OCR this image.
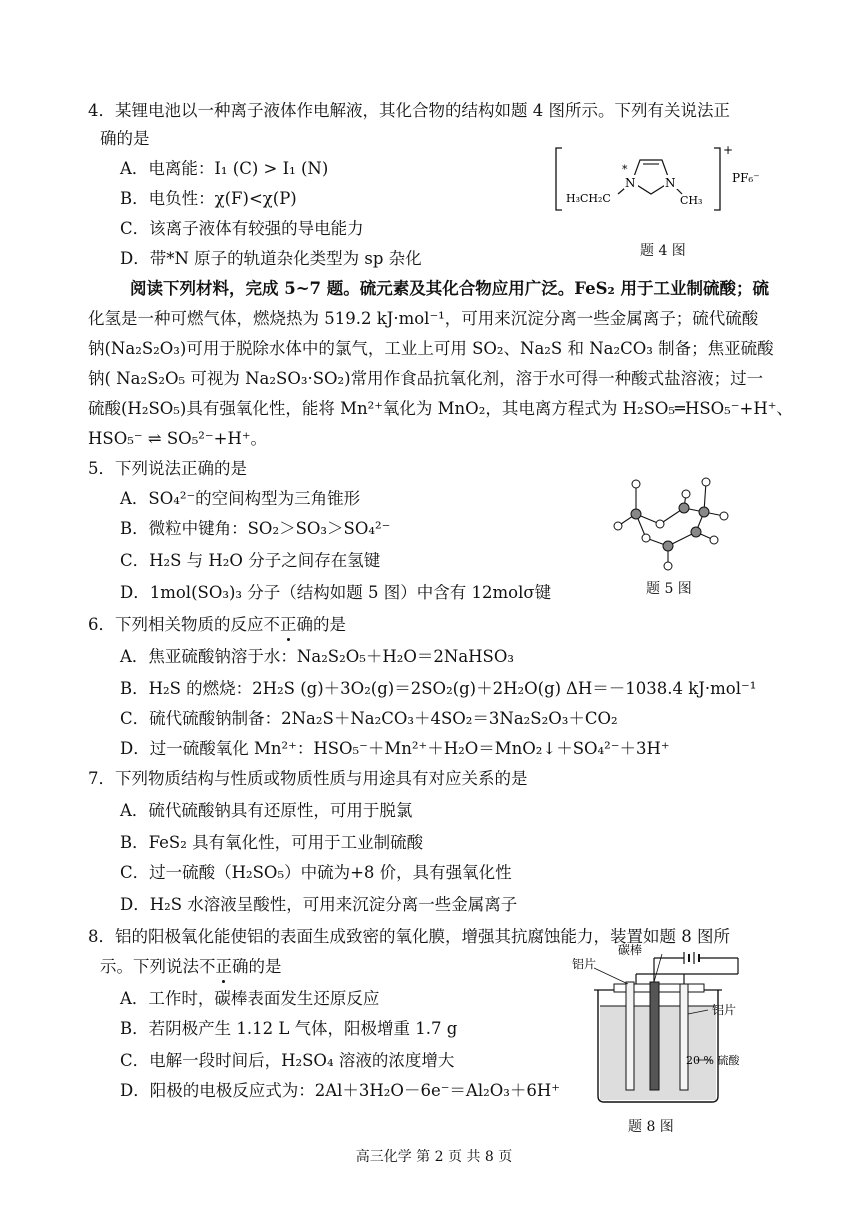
4．某锂电池以一种离子液体作电解液，其化合物的结构如题 4 图所示。下列有关说法正
确的是
A．电离能：I₁ (C) > I₁ (N)
B．电负性：χ(F)<χ(P)
C．该离子液体有较强的导电能力
D．带*N 原子的轨道杂化类型为 sp 杂化
N N
*
H₃CH₂C	CH₃
+
PF₆⁻
题 4 图
阅读下列材料，完成 5~7 题。硫元素及其化合物应用广泛。FeS₂ 用于工业制硫酸；硫
化氢是一种可燃气体，燃烧热为 519.2 kJ·mol⁻¹，可用来沉淀分离一些金属离子；硫代硫酸
钠(Na₂S₂O₃)可用于脱除水体中的氯气，工业上可用 SO₂、Na₂S 和 Na₂CO₃ 制备；焦亚硫酸
钠( Na₂S₂O₅ 可视为 Na₂SO₃·SO₂)常用作食品抗氧化剂，溶于水可得一种酸式盐溶液；过一
硫酸(H₂SO₅)具有强氧化性，能将 Mn²⁺氧化为 MnO₂，其电离方程式为 H₂SO₅═HSO₅⁻+H⁺、
HSO₅⁻ ⇌ SO₅²⁻+H⁺。
5．下列说法正确的是
A．SO₄²⁻的空间构型为三角锥形
B．微粒中键角：SO₂＞SO₃＞SO₄²⁻
C．H₂S 与 H₂O 分子之间存在氢键
D．1mol(SO₃)₃ 分子（结构如题 5 图）中含有 12molσ键	题 5 图
6．下列相关物质的反应不正确的是
A．焦亚硫酸钠溶于水：Na₂S₂O₅＋H₂O＝2NaHSO₃
B．H₂S 的燃烧：2H₂S (g)＋3O₂(g)＝2SO₂(g)＋2H₂O(g) ΔH＝－1038.4 kJ·mol⁻¹
C．硫代硫酸钠制备：2Na₂S＋Na₂CO₃＋4SO₂＝3Na₂S₂O₃＋CO₂
D．过一硫酸氧化 Mn²⁺：HSO₅⁻＋Mn²⁺＋H₂O＝MnO₂↓＋SO₄²⁻＋3H⁺
7．下列物质结构与性质或物质性质与用途具有对应关系的是
A．硫代硫酸钠具有还原性，可用于脱氯
B．FeS₂ 具有氧化性，可用于工业制硫酸
C．过一硫酸（H₂SO₅）中硫为+8 价，具有强氧化性
D．H₂S 水溶液呈酸性，可用来沉淀分离一些金属离子
8．铝的阳极氧化能使铝的表面生成致密的氧化膜，增强其抗腐蚀能力，装置如题 8 图所
示。下列说法不正确的是
A．工作时，碳棒表面发生还原反应
B．若阴极产生 1.12 L 气体，阳极增重 1.7 g
C．电解一段时间后，H₂SO₄ 溶液的浓度增大
D．阳极的电极反应式为：2Al＋3H₂O－6e⁻＝Al₂O₃＋6H⁺
铝片
碳棒
铝片
20 % 硫酸
题 8 图
高三化学 第 2 页 共 8 页
